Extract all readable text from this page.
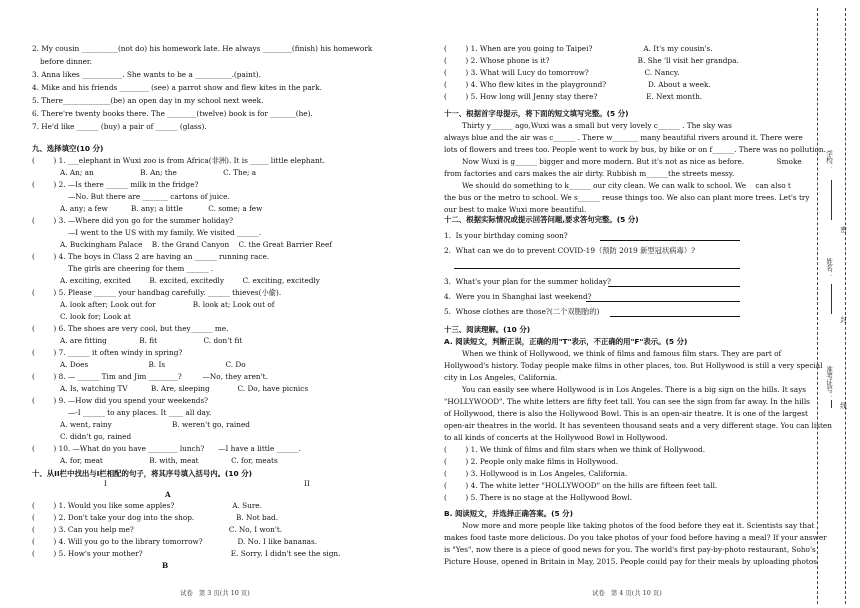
2. My cousin __________(not do) his homework late. He always ________(finish) his homework
before dinner.
3. Anna likes ___________. She wants to be a __________.(paint).
4. Mike and his friends ________ (see) a parrot show and flew kites in the park.
5. There_____________(be) an open day in my school next week.
6. There're twenty books there. The ________(twelve) book is for _______(he).
7. He'd like ______ (buy) a pair of ______ (glass).
九、选择填空(10 分)
(        ) 1. ___elephant in Wuxi zoo is from Africa(非洲). It is _____ little elephant.
A. An; an                    B. An; the                    C. The; a
(        ) 2. —Is there ______ milk in the fridge?
—No. But there are _______ cartons of juice.
A. any; a few          B. any; a little           C. some; a few
(        ) 3. —Where did you go for the summer holiday?
—I went to the US with my family. We visited ______.
A. Buckingham Palace    B. the Grand Canyon    C. the Great Barrier Reef
(        ) 4. The boys in Class 2 are having an ______ running race.
The girls are cheering for them ______ .
A. exciting, excited        B. excited, excitedly        C. exciting, excitedly
(        ) 5. Please ______ your handbag carefully. ______ thieves(小偷).
A. look after; Look out for                B. look at; Look out of
C. look for; Look at
(        ) 6. The shoes are very cool, but they______ me.
A. are fitting              B. fit                    C. don't fit
(        ) 7. ______ it often windy in spring?
A. Does                          B. Is                          C. Do
(        ) 8. — ______ Tim and Jim ________?         —No, they aren't.
A. Is, watching TV          B. Are, sleeping            C. Do, have picnics
(        ) 9. —How did you spend your weekends?
—-I ______ to any places. It ____ all day.
A. went, rainy                          B. weren't go, rained
C. didn't go, rained
(        ) 10. —What do you have ________ lunch?      —I have a little ______.
A. for, meat                    B. with, meat              C. for, meats
十、从II栏中找出与I栏相配的句子，将其序号填入括号内。(10 分)
I                                                                                     II
A
(        ) 1. Would you like some apples?                         A. Sure.
(        ) 2. Don't take your dog into the shop.                  B. Not bad.
(        ) 3. Can you help me?                                         C. No, I won't.
(        ) 4. Will you go to the library tomorrow?               D. No. I like bananas.
(        ) 5. How's your mother?                                      E. Sorry. I didn't see the sign.
B
试卷   第 3 页(共 10 页)
(        ) 1. When are you going to Taipei?                      A. It's my cousin's.
(        ) 2. Whose phone is it?                                      B. She 'll visit her grandpa.
(        ) 3. What will Lucy do tomorrow?                        C. Nancy.
(        ) 4. Who flew kites in the playground?                  D. About a week.
(        ) 5. How long will Jenny stay there?                     E. Next month.
十一、根据首字母提示，将下面的短文填写完整。(5 分)
Thirty y______ ago,Wuxi was a small but very lovely c______ . The sky was
always blue and the air was c______ . There w_______ many beautiful rivers around it. There were
lots of flowers and trees too. People went to work by bus, by bike or on f______. There was no pollution.
Now Wuxi is g______ bigger and more modern. But it's not as nice as before.              Smoke
from factories and cars makes the air dirty. Rubbish m______the streets messy.
We should do something to k______ our city clean. We can walk to school. We    can also t
the bus or the metro to school. We s______ reuse things too. We also can plant more trees. Let's try
our best to make Wuxi more beautiful.
十二、根据实际情况或提示回答问题,要求答句完整。(5 分)
1.  Is your birthday coming soon?
2.  What can we do to prevent COVID-19（预防 2019 新型冠状病毒）?
3.  What's your plan for the summer holiday?
4.  Were you in Shanghai last weekend?
5.  Whose clothes are those?(二个双胞胎的)
十三、阅读理解。(10 分)
A. 阅读短文，判断正误，正确的用"T"表示，不正确的用"F"表示。(5 分)
When we think of Hollywood, we think of films and famous film stars. They are part of
Hollywood's history. Today people make films in other places, too. But Hollywood is still a very special
city in Los Angeles, California.
You can easily see where Hollywood is in Los Angeles. There is a big sign on the hills. It says
"HOLLYWOOD". The white letters are fifty feet tall. You can see the sign from far away. In the hills
of Hollywood, there is also the Hollywood Bowl. This is an open-air theatre. It is one of the largest
open-air theatres in the world. It has seventeen thousand seats and a very different stage. You can listen
to all kinds of concerts at the Hollywood Bowl in Hollywood.
(        ) 1. We think of films and film stars when we think of Hollywood.
(        ) 2. People only make films in Hollywood.
(        ) 3. Hollywood is in Los Angeles, California.
(        ) 4. The white letter "HOLLYWOOD" on the hills are fifteen feet tall.
(        ) 5. There is no stage at the Hollywood Bowl.
B. 阅读短文，并选择正确答案。(5 分)
Now more and more people like taking photos of the food before they eat it. Scientists say that
makes food taste more delicious. Do you take photos of your food before having a meal? If your answer
is "Yes", now there is a piece of good news for you. The world's first pay-by-photo restaurant, Soho's
Picture House, opened in Britain in May, 2015. People could pay for their meals by uploading photos
试卷   第 4 页(共 10 页)
学校：
密
姓名：
封
准考证号：
线
